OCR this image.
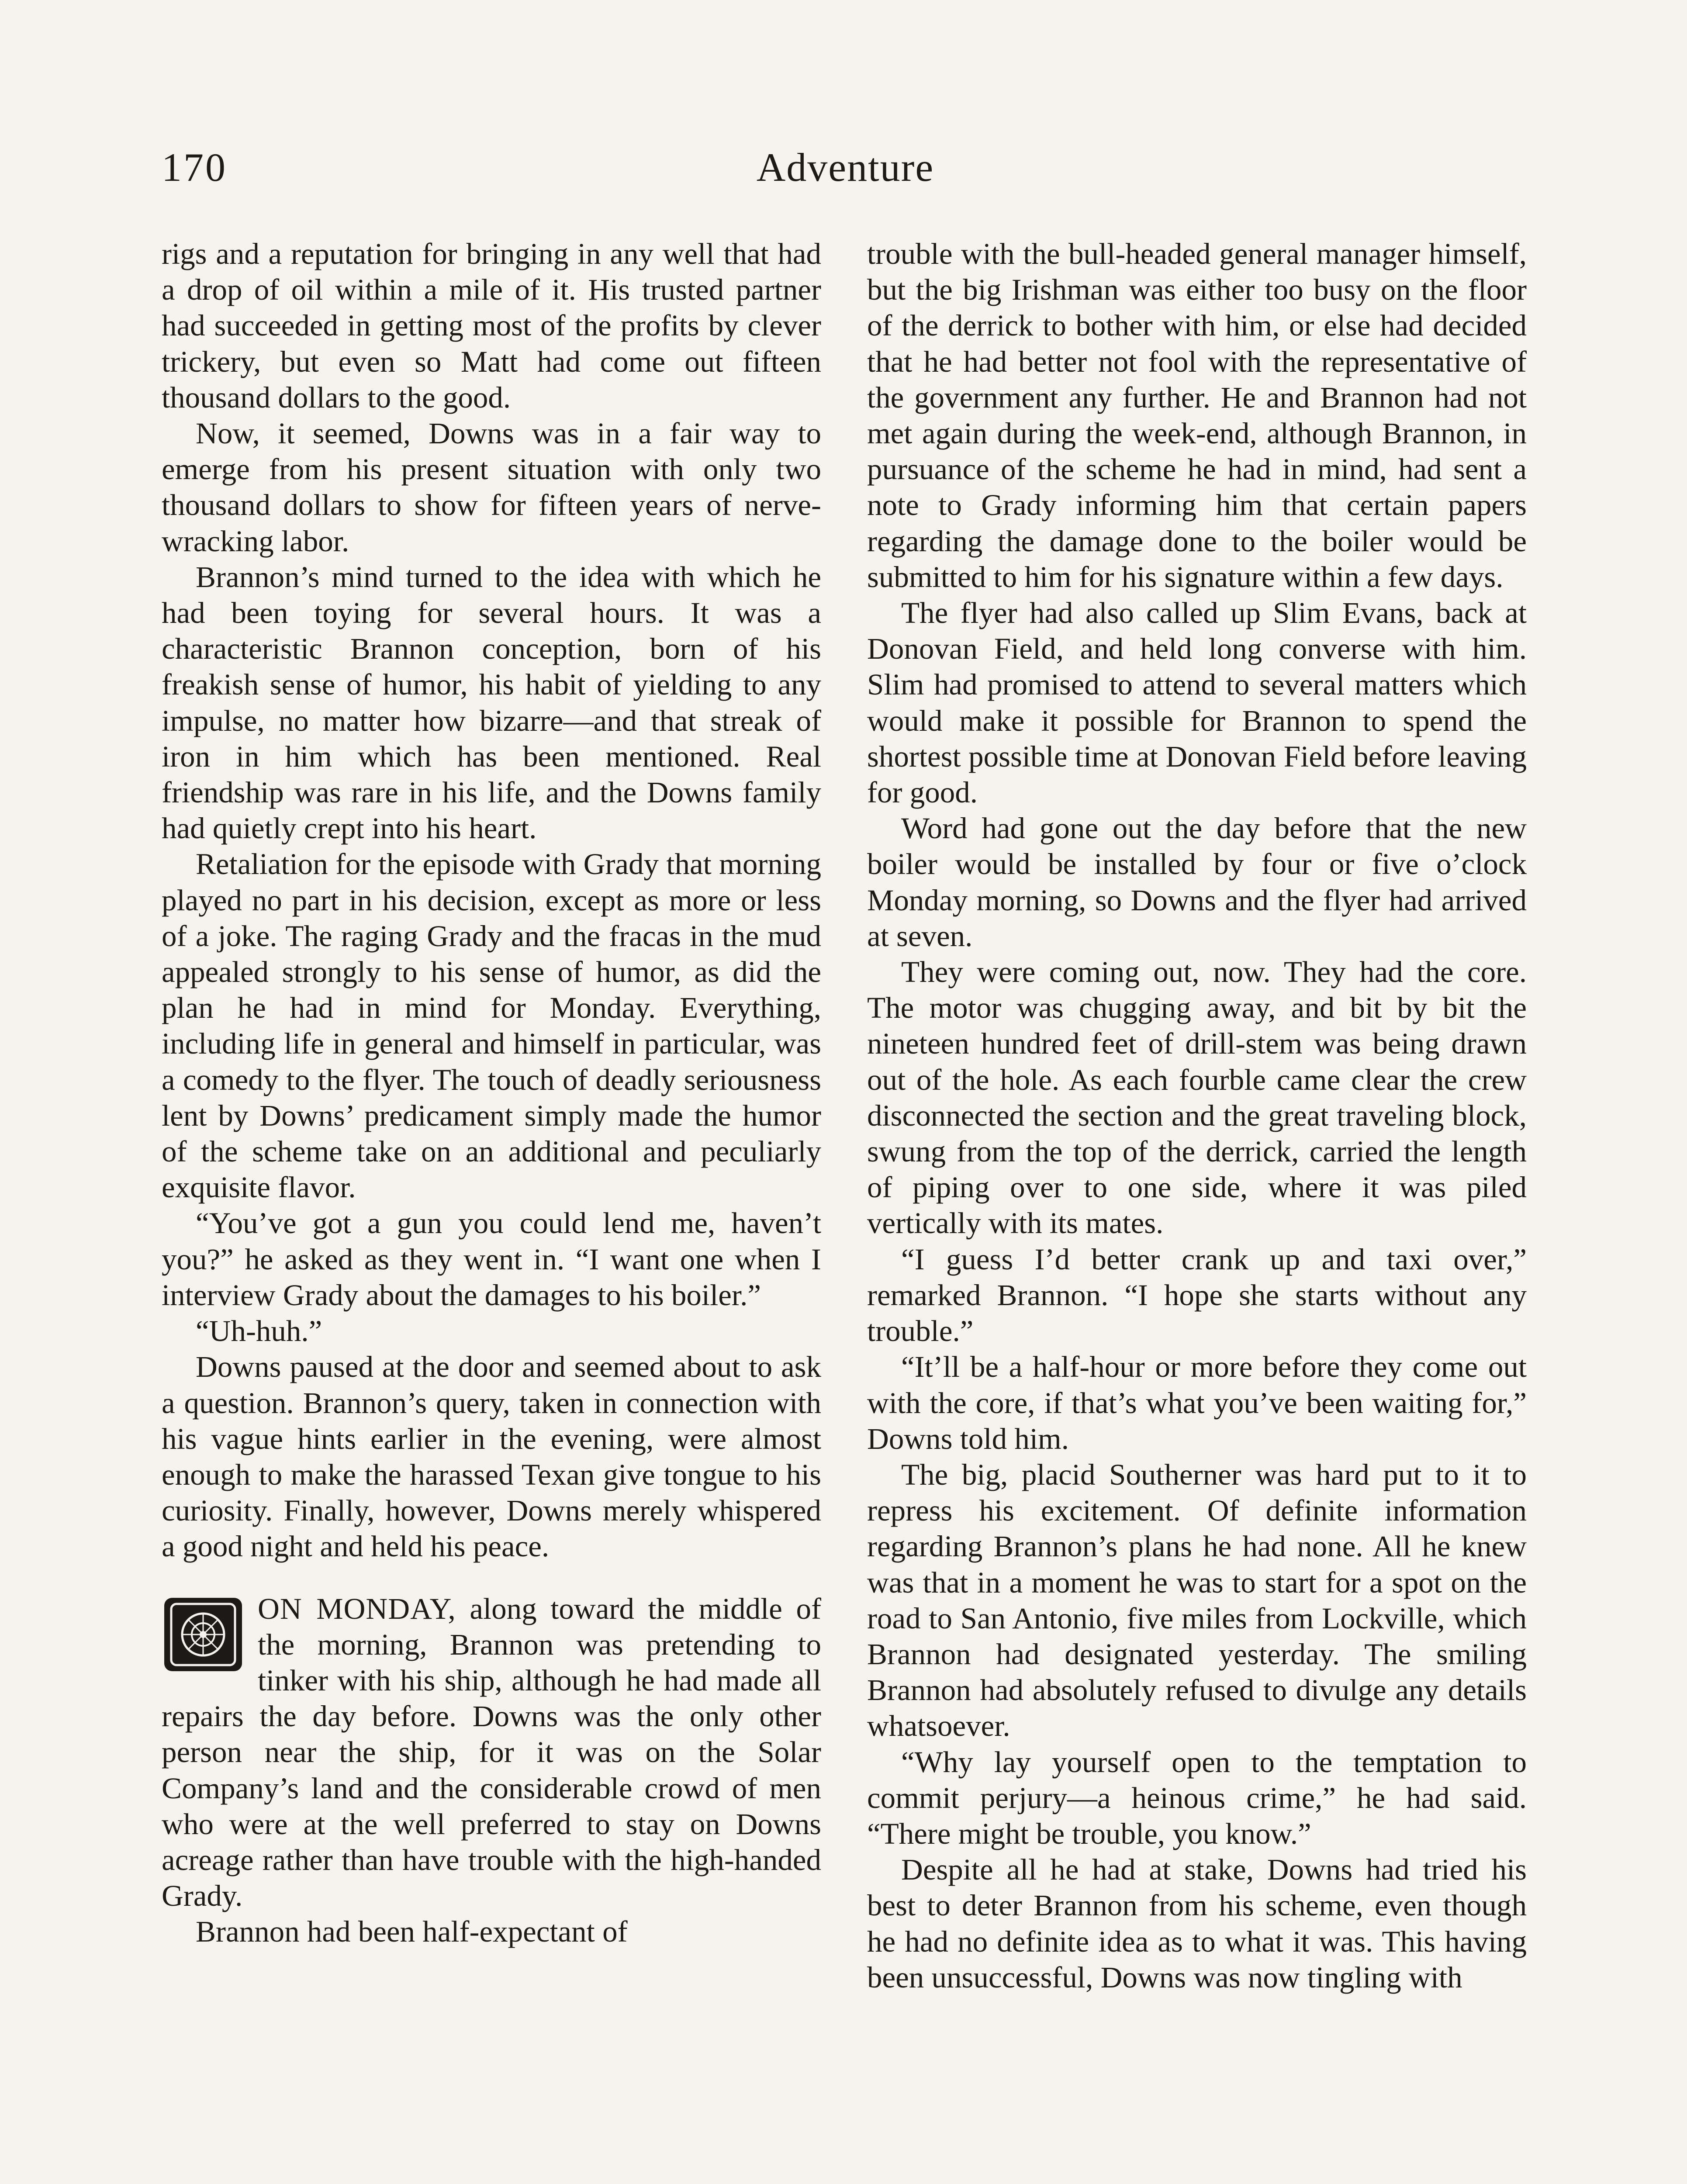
170	Adventure

rigs and a reputation for bringing in any well that had a drop of oil within a mile of it. His trusted partner had succeeded in getting most of the profits by clever trickery, but even so Matt had come out fifteen thousand dollars to the good.

Now, it seemed, Downs was in a fair way to emerge from his present situation with only two thousand dollars to show for fifteen years of nerve-wracking labor.

Brannon’s mind turned to the idea with which he had been toying for several hours. It was a characteristic Brannon conception, born of his freakish sense of humor, his habit of yielding to any impulse, no matter how bizarre—and that streak of iron in him which has been mentioned. Real friendship was rare in his life, and the Downs family had quietly crept into his heart.

Retaliation for the episode with Grady that morning played no part in his decision, except as more or less of a joke. The raging Grady and the fracas in the mud appealed strongly to his sense of humor, as did the plan he had in mind for Monday. Everything, including life in general and himself in particular, was a comedy to the flyer. The touch of deadly seriousness lent by Downs’ predicament simply made the humor of the scheme take on an additional and peculiarly exquisite flavor.

“You’ve got a gun you could lend me, haven’t you?” he asked as they went in. “I want one when I interview Grady about the damages to his boiler.”

“Uh-huh.”

Downs paused at the door and seemed about to ask a question. Brannon’s query, taken in connection with his vague hints earlier in the evening, were almost enough to make the harassed Texan give tongue to his curiosity. Finally, however, Downs merely whispered a good night and held his peace.

ON MONDAY, along toward the middle of the morning, Brannon was pretending to tinker with his ship, although he had made all repairs the day before. Downs was the only other person near the ship, for it was on the Solar Company’s land and the considerable crowd of men who were at the well preferred to stay on Downs acreage rather than have trouble with the high-handed Grady.

Brannon had been half-expectant of

trouble with the bull-headed general manager himself, but the big Irishman was either too busy on the floor of the derrick to bother with him, or else had decided that he had better not fool with the representative of the government any further. He and Brannon had not met again during the week-end, although Brannon, in pursuance of the scheme he had in mind, had sent a note to Grady informing him that certain papers regarding the damage done to the boiler would be submitted to him for his signature within a few days.

The flyer had also called up Slim Evans, back at Donovan Field, and held long converse with him. Slim had promised to attend to several matters which would make it possible for Brannon to spend the shortest possible time at Donovan Field before leaving for good.

Word had gone out the day before that the new boiler would be installed by four or five o’clock Monday morning, so Downs and the flyer had arrived at seven.

They were coming out, now. They had the core. The motor was chugging away, and bit by bit the nineteen hundred feet of drill-stem was being drawn out of the hole. As each fourble came clear the crew disconnected the section and the great traveling block, swung from the top of the derrick, carried the length of piping over to one side, where it was piled vertically with its mates.

“I guess I’d better crank up and taxi over,” remarked Brannon. “I hope she starts without any trouble.”

“It’ll be a half-hour or more before they come out with the core, if that’s what you’ve been waiting for,” Downs told him.

The big, placid Southerner was hard put to it to repress his excitement. Of definite information regarding Brannon’s plans he had none. All he knew was that in a moment he was to start for a spot on the road to San Antonio, five miles from Lockville, which Brannon had designated yesterday. The smiling Brannon had absolutely refused to divulge any details whatsoever.

“Why lay yourself open to the temptation to commit perjury—a heinous crime,” he had said. “There might be trouble, you know.”

Despite all he had at stake, Downs had tried his best to deter Brannon from his scheme, even though he had no definite idea as to what it was. This having been unsuccessful, Downs was now tingling with
